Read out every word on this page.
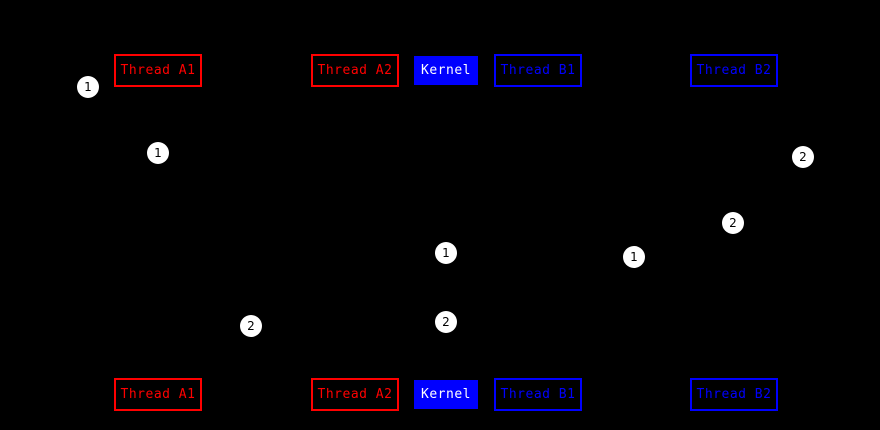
Thread A1	Thread A2 Kernel Thread B1	Thread B2
Thread A1	Thread A2 Kernel Thread B1	Thread B2
1
1	2
2
1	1
2	2
